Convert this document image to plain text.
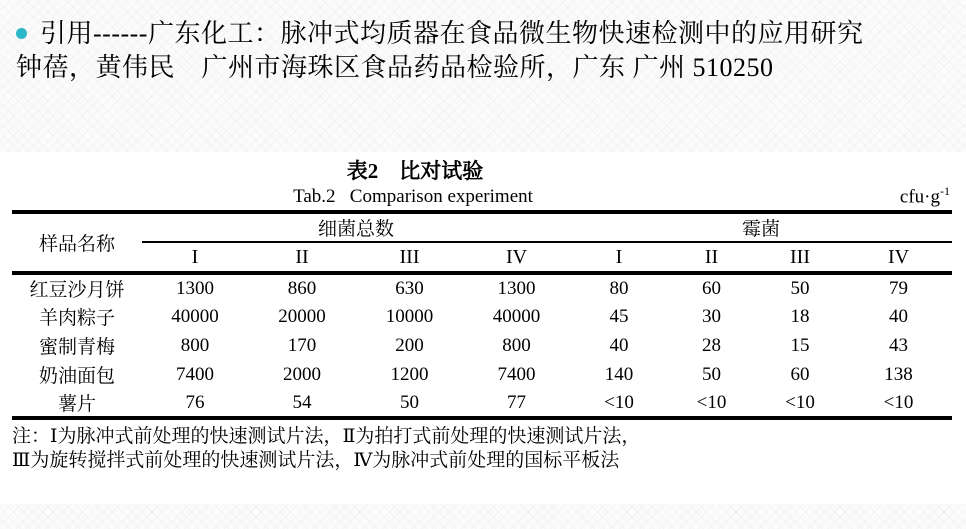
引用------广东化工：脉冲式均质器在食品微生物快速检测中的应用研究
钟蓓，黄伟民　广州市海珠区食品药品检验所，广东 广州 510250
表2　比对试验
Tab.2   Comparison experiment	$cfu\cdot g^{-1}$
样品名称	细菌总数				霉菌			
	I	II	III	IV	I	II	III	IV
红豆沙月饼	1300	860	630	1300	80	60	50	79
羊肉粽子	40000	20000	10000	40000	45	30	18	40
蜜制青梅	800	170	200	800	40	28	15	43
奶油面包	7400	2000	1200	7400	140	50	60	138
薯片	76	54	50	77	<10	<10	<10	<10
注：Ⅰ为脉冲式前处理的快速测试片法，Ⅱ为拍打式前处理的快速测试片法，
Ⅲ为旋转搅拌式前处理的快速测试片法，Ⅳ为脉冲式前处理的国标平板法
